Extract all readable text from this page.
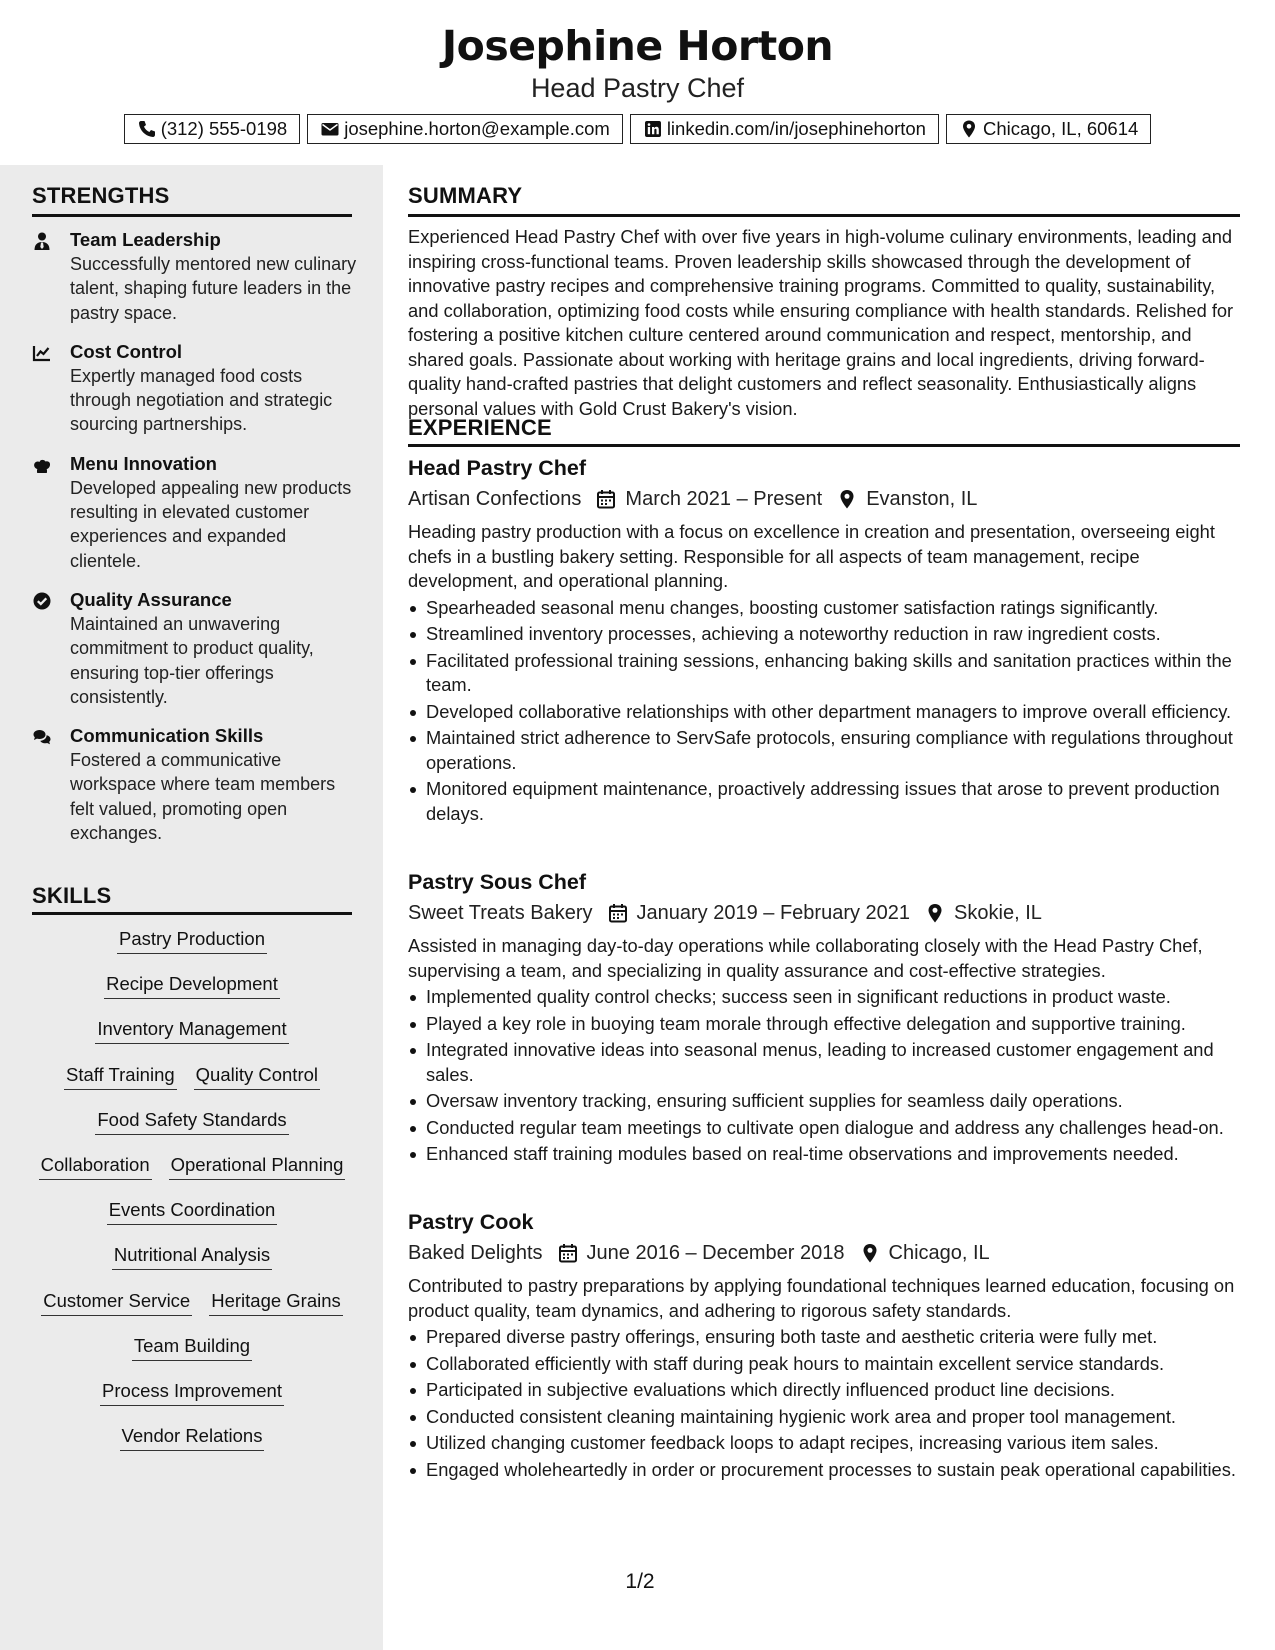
Josephine Horton
Head Pastry Chef
(312) 555-0198	josephine.horton@example.com	linkedin.com/in/josephinehorton	Chicago, IL, 60614
STRENGTHS
Team Leadership
Successfully mentored new culinary talent, shaping future leaders in the pastry space.
Cost Control
Expertly managed food costs through negotiation and strategic sourcing partnerships.
Menu Innovation
Developed appealing new products resulting in elevated customer experiences and expanded clientele.
Quality Assurance
Maintained an unwavering commitment to product quality, ensuring top-tier offerings consistently.
Communication Skills
Fostered a communicative workspace where team members felt valued, promoting open exchanges.
SKILLS
Pastry Production
Recipe Development
Inventory Management
Staff Training Quality Control
Food Safety Standards
Collaboration Operational Planning
Events Coordination
Nutritional Analysis
Customer Service Heritage Grains
Team Building
Process Improvement
Vendor Relations
SUMMARY
Experienced Head Pastry Chef with over five years in high-volume culinary environments, leading and inspiring cross-functional teams. Proven leadership skills showcased through the development of innovative pastry recipes and comprehensive training programs. Committed to quality, sustainability, and collaboration, optimizing food costs while ensuring compliance with health standards. Relished for fostering a positive kitchen culture centered around communication and respect, mentorship, and shared goals. Passionate about working with heritage grains and local ingredients, driving forward-quality hand-crafted pastries that delight customers and reflect seasonality. Enthusiastically aligns personal values with Gold Crust Bakery's vision.
EXPERIENCE
Head Pastry Chef
Artisan Confections March 2021 – Present Evanston, IL
Heading pastry production with a focus on excellence in creation and presentation, overseeing eight chefs in a bustling bakery setting. Responsible for all aspects of team management, recipe development, and operational planning.
Spearheaded seasonal menu changes, boosting customer satisfaction ratings significantly.
Streamlined inventory processes, achieving a noteworthy reduction in raw ingredient costs.
Facilitated professional training sessions, enhancing baking skills and sanitation practices within the team.
Developed collaborative relationships with other department managers to improve overall efficiency.
Maintained strict adherence to ServSafe protocols, ensuring compliance with regulations throughout operations.
Monitored equipment maintenance, proactively addressing issues that arose to prevent production delays.
Pastry Sous Chef
Sweet Treats Bakery January 2019 – February 2021 Skokie, IL
Assisted in managing day-to-day operations while collaborating closely with the Head Pastry Chef, supervising a team, and specializing in quality assurance and cost-effective strategies.
Implemented quality control checks; success seen in significant reductions in product waste.
Played a key role in buoying team morale through effective delegation and supportive training.
Integrated innovative ideas into seasonal menus, leading to increased customer engagement and sales.
Oversaw inventory tracking, ensuring sufficient supplies for seamless daily operations.
Conducted regular team meetings to cultivate open dialogue and address any challenges head-on.
Enhanced staff training modules based on real-time observations and improvements needed.
Pastry Cook
Baked Delights June 2016 – December 2018 Chicago, IL
Contributed to pastry preparations by applying foundational techniques learned education, focusing on product quality, team dynamics, and adhering to rigorous safety standards.
Prepared diverse pastry offerings, ensuring both taste and aesthetic criteria were fully met.
Collaborated efficiently with staff during peak hours to maintain excellent service standards.
Participated in subjective evaluations which directly influenced product line decisions.
Conducted consistent cleaning maintaining hygienic work area and proper tool management.
Utilized changing customer feedback loops to adapt recipes, increasing various item sales.
Engaged wholeheartedly in order or procurement processes to sustain peak operational capabilities.
1/2
